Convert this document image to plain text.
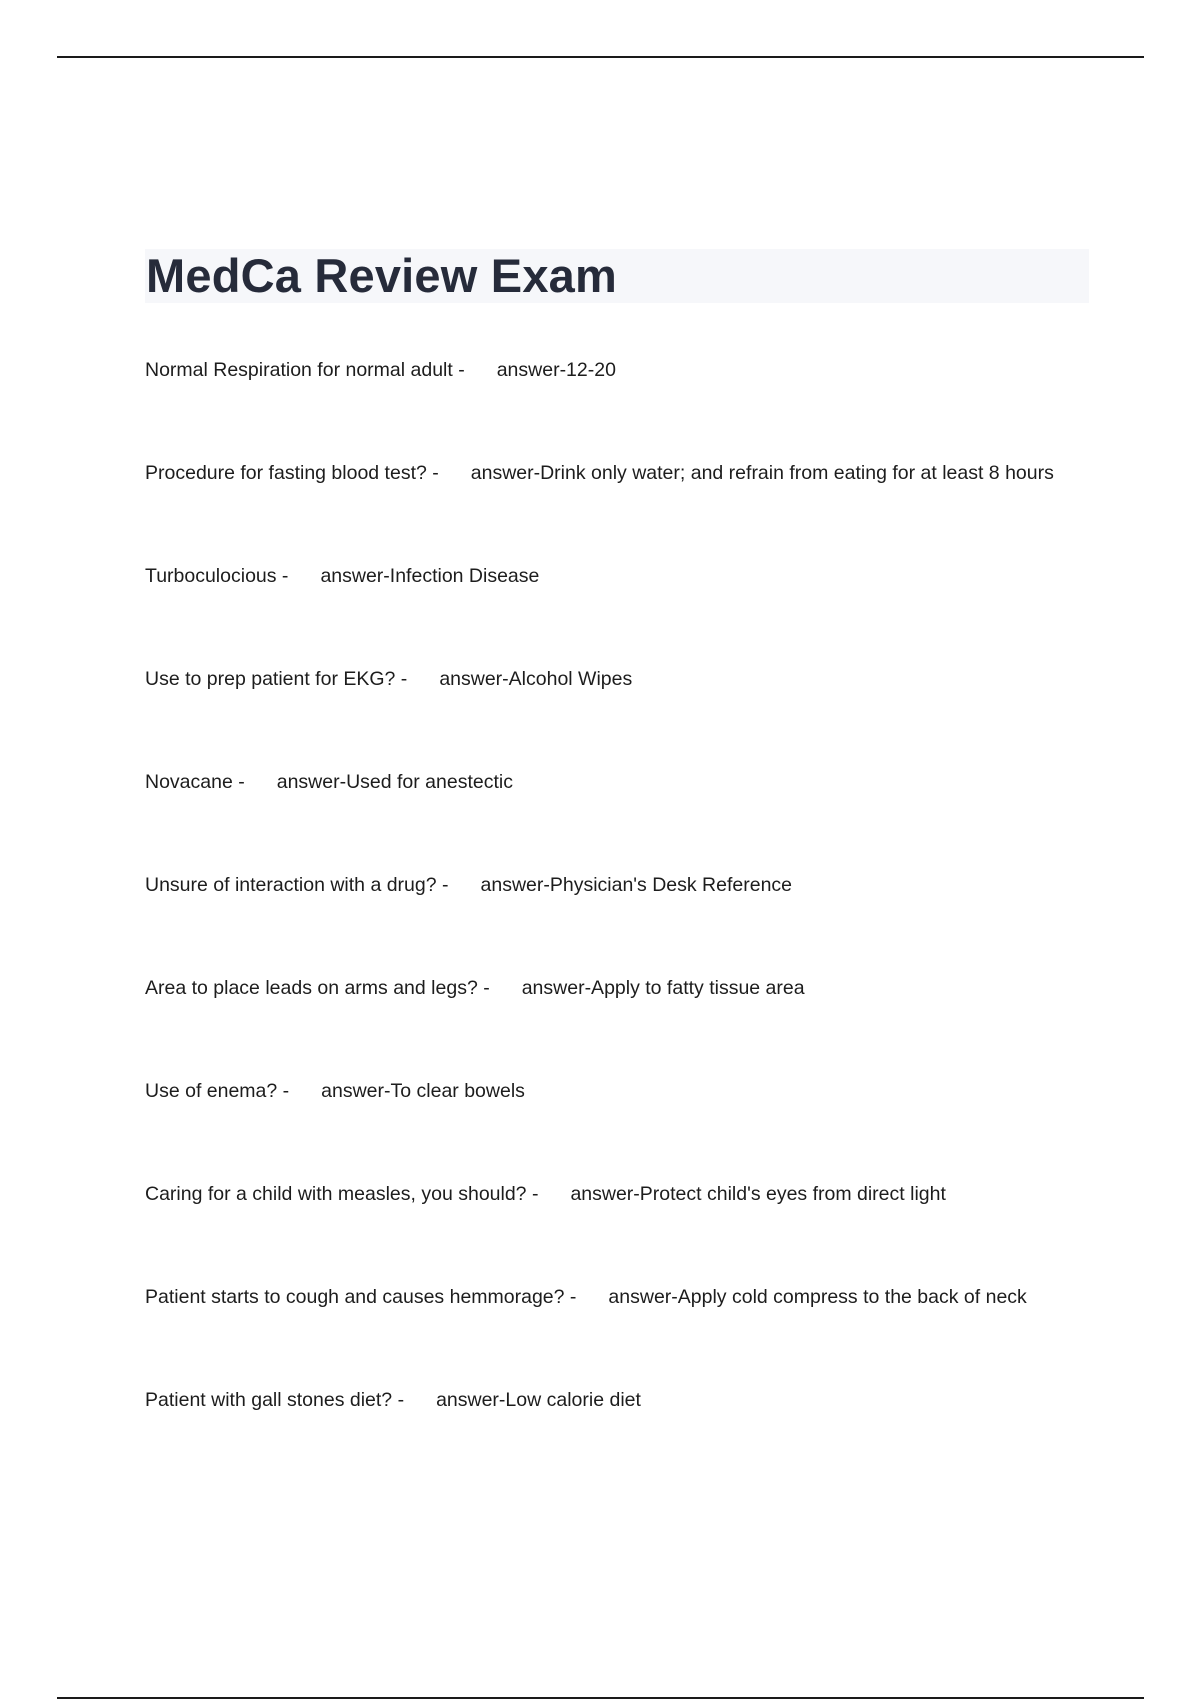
MedCa Review Exam
Normal Respiration for normal adult - answer-12-20
Procedure for fasting blood test? - answer-Drink only water; and refrain from eating for at least 8 hours
Turboculocious - answer-Infection Disease
Use to prep patient for EKG? - answer-Alcohol Wipes
Novacane - answer-Used for anestectic
Unsure of interaction with a drug? - answer-Physician's Desk Reference
Area to place leads on arms and legs? - answer-Apply to fatty tissue area
Use of enema? - answer-To clear bowels
Caring for a child with measles, you should? - answer-Protect child's eyes from direct light
Patient starts to cough and causes hemmorage? - answer-Apply cold compress to the back of neck
Patient with gall stones diet? - answer-Low calorie diet
